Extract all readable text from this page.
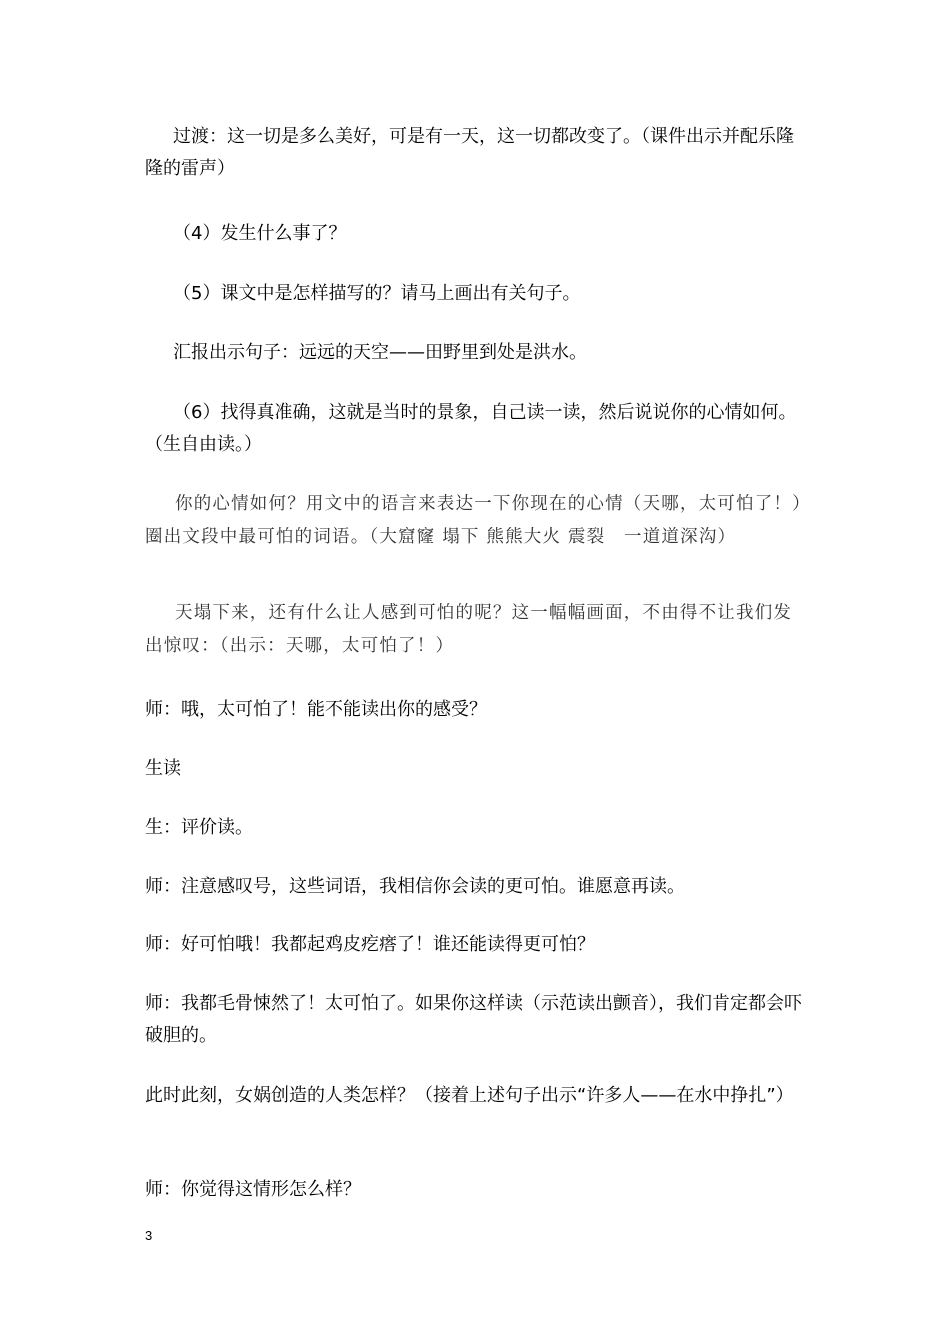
过渡：这一切是多么美好，可是有一天，这一切都改变了。（课件出示并配乐隆隆的雷声）

（4）发生什么事了？

（5）课文中是怎样描写的？请马上画出有关句子。

汇报出示句子：远远的天空——田野里到处是洪水。

（6）找得真准确，这就是当时的景象，自己读一读，然后说说你的心情如何。（生自由读。）

你的心情如何？用文中的语言来表达一下你现在的心情（天哪，太可怕了！）圈出文段中最可怕的词语。（大窟窿 塌下 熊熊大火 震裂　一道道深沟）

天塌下来，还有什么让人感到可怕的呢？这一幅幅画面，不由得不让我们发出惊叹：（出示：天哪，太可怕了！）

师：哦，太可怕了！能不能读出你的感受？

生读

生：评价读。

师：注意感叹号，这些词语，我相信你会读的更可怕。谁愿意再读。

师：好可怕哦！我都起鸡皮疙瘩了！谁还能读得更可怕？

师：我都毛骨悚然了！太可怕了。如果你这样读（示范读出颤音），我们肯定都会吓破胆的。

此时此刻，女娲创造的人类怎样？（接着上述句子出示“许多人——在水中挣扎”）

师：你觉得这情形怎么样？

3
